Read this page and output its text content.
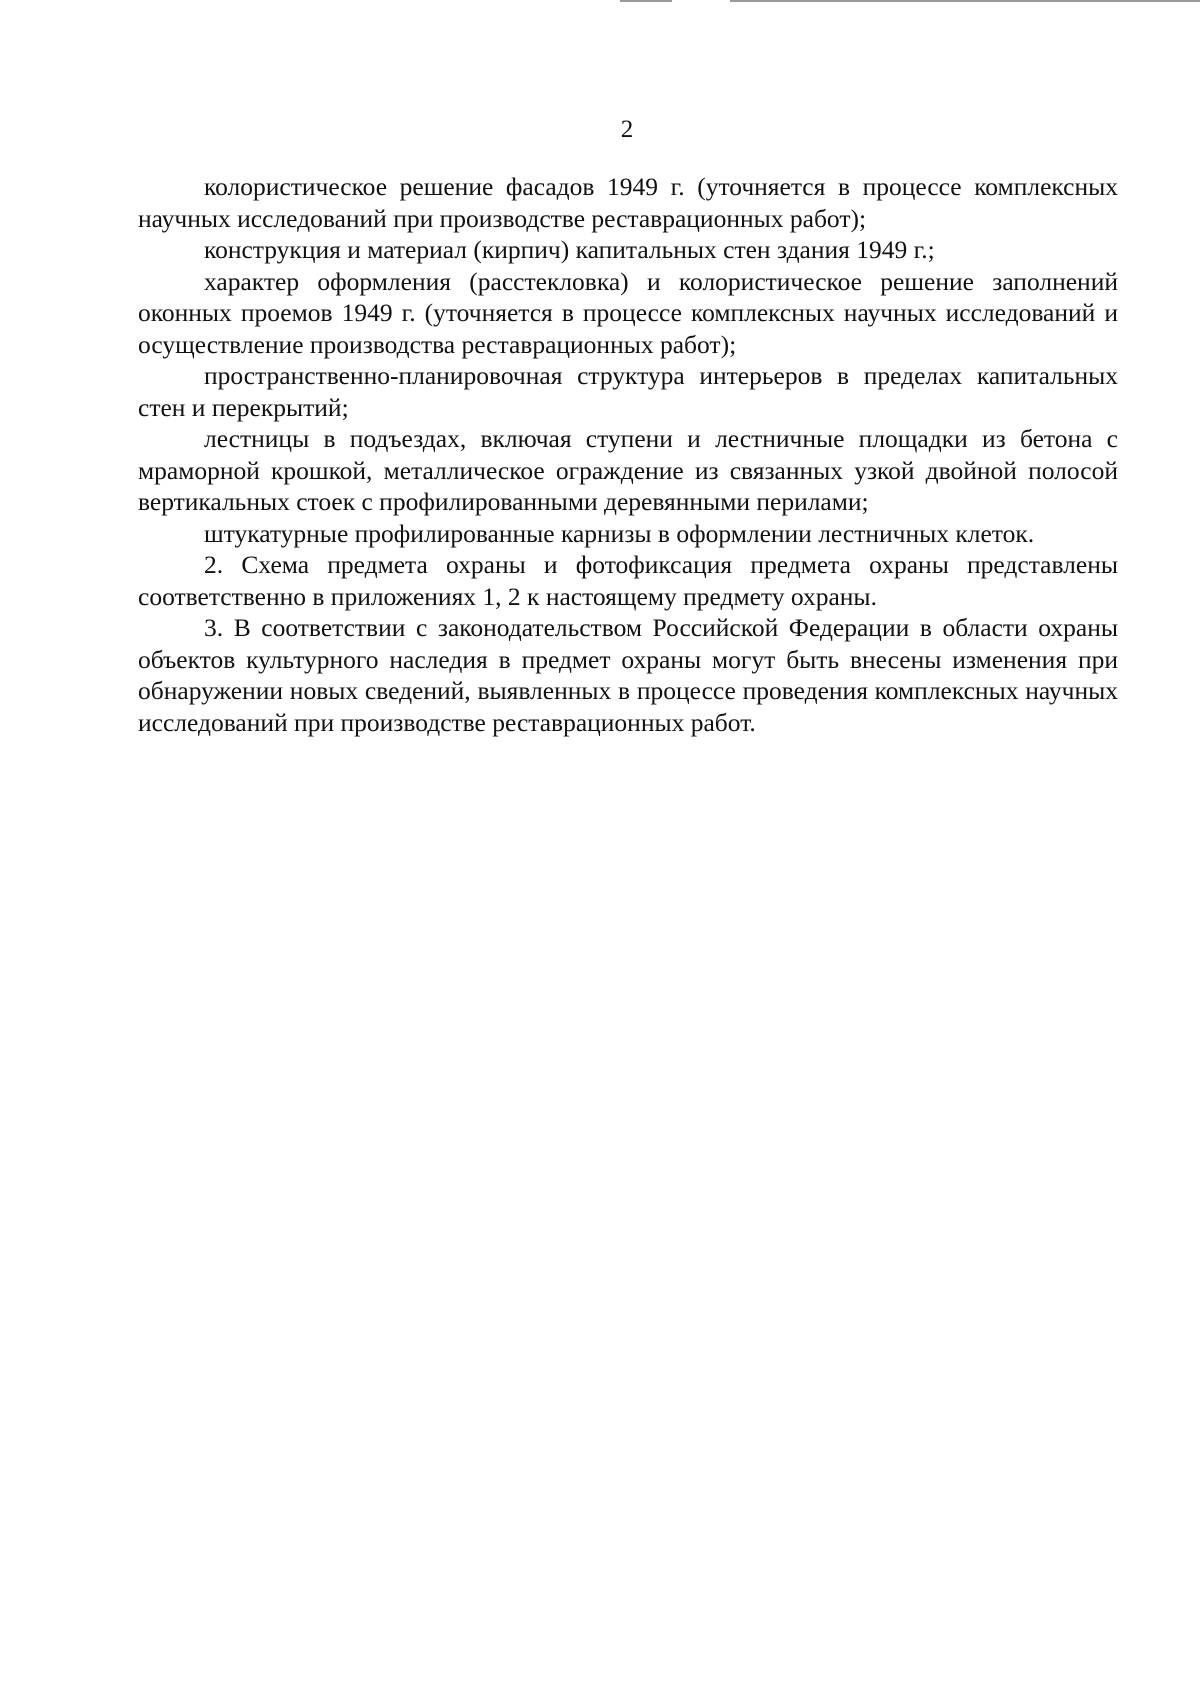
2

колористическое решение фасадов 1949 г. (уточняется в процессе комплексных научных исследований при производстве реставрационных работ);

конструкция и материал (кирпич) капитальных стен здания 1949 г.;

характер оформления (расстекловка) и колористическое решение заполнений оконных проемов 1949 г. (уточняется в процессе комплексных научных исследований и осуществление производства реставрационных работ);

пространственно-планировочная структура интерьеров в пределах капитальных стен и перекрытий;

лестницы в подъездах, включая ступени и лестничные площадки из бетона с мраморной крошкой, металлическое ограждение из связанных узкой двойной полосой вертикальных стоек с профилированными деревянными перилами;

штукатурные профилированные карнизы в оформлении лестничных клеток.

2. Схема предмета охраны и фотофиксация предмета охраны представлены соответственно в приложениях 1, 2 к настоящему предмету охраны.

3. В соответствии с законодательством Российской Федерации в области охраны объектов культурного наследия в предмет охраны могут быть внесены изменения при обнаружении новых сведений, выявленных в процессе проведения комплексных научных исследований при производстве реставрационных работ.
